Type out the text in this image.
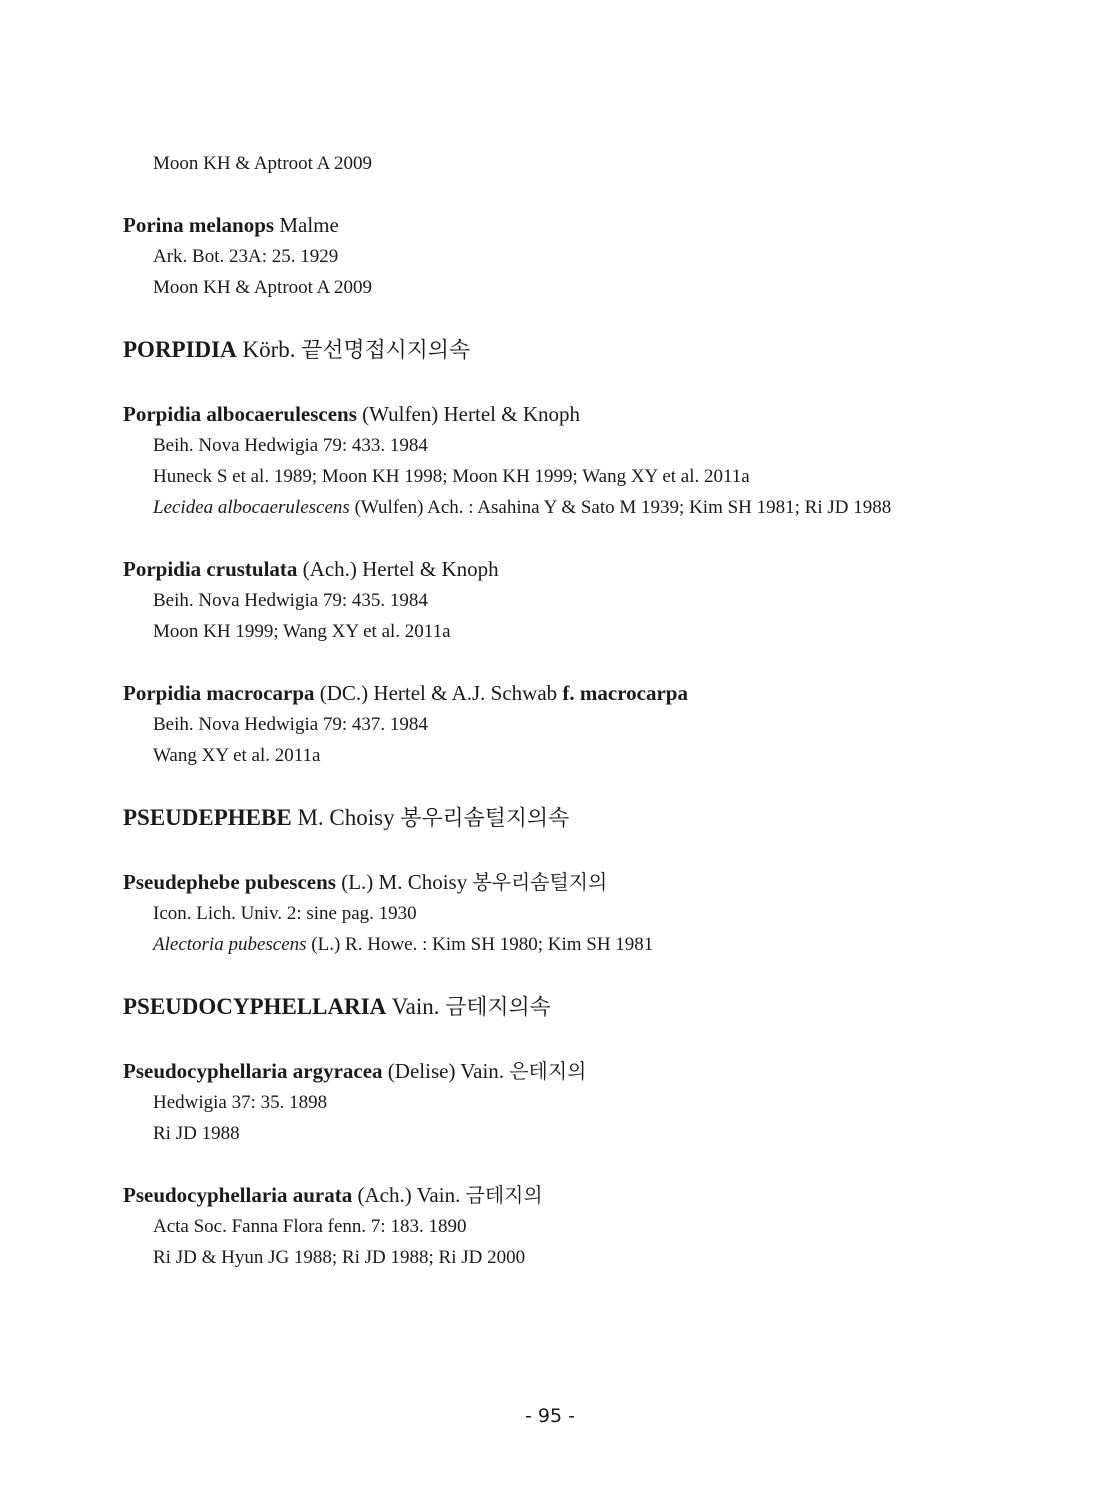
Moon KH & Aptroot A 2009
Porina melanops Malme
Ark. Bot. 23A: 25. 1929
Moon KH & Aptroot A 2009
PORPIDIA Körb. 끝선명접시지의속
Porpidia albocaerulescens (Wulfen) Hertel & Knoph
Beih. Nova Hedwigia 79: 433. 1984
Huneck S et al. 1989; Moon KH 1998; Moon KH 1999; Wang XY et al. 2011a
Lecidea albocaerulescens (Wulfen) Ach. : Asahina Y & Sato M 1939; Kim SH 1981; Ri JD 1988
Porpidia crustulata (Ach.) Hertel & Knoph
Beih. Nova Hedwigia 79: 435. 1984
Moon KH 1999; Wang XY et al. 2011a
Porpidia macrocarpa (DC.) Hertel & A.J. Schwab f. macrocarpa
Beih. Nova Hedwigia 79: 437. 1984
Wang XY et al. 2011a
PSEUDEPHEBE M. Choisy 봉우리솜털지의속
Pseudephebe pubescens (L.) M. Choisy 봉우리솜털지의
Icon. Lich. Univ. 2: sine pag. 1930
Alectoria pubescens (L.) R. Howe. : Kim SH 1980; Kim SH 1981
PSEUDOCYPHELLARIA Vain. 금테지의속
Pseudocyphellaria argyracea (Delise) Vain. 은테지의
Hedwigia 37: 35. 1898
Ri JD 1988
Pseudocyphellaria aurata (Ach.) Vain. 금테지의
Acta Soc. Fanna Flora fenn. 7: 183. 1890
Ri JD & Hyun JG 1988; Ri JD 1988; Ri JD 2000
- 95 -
